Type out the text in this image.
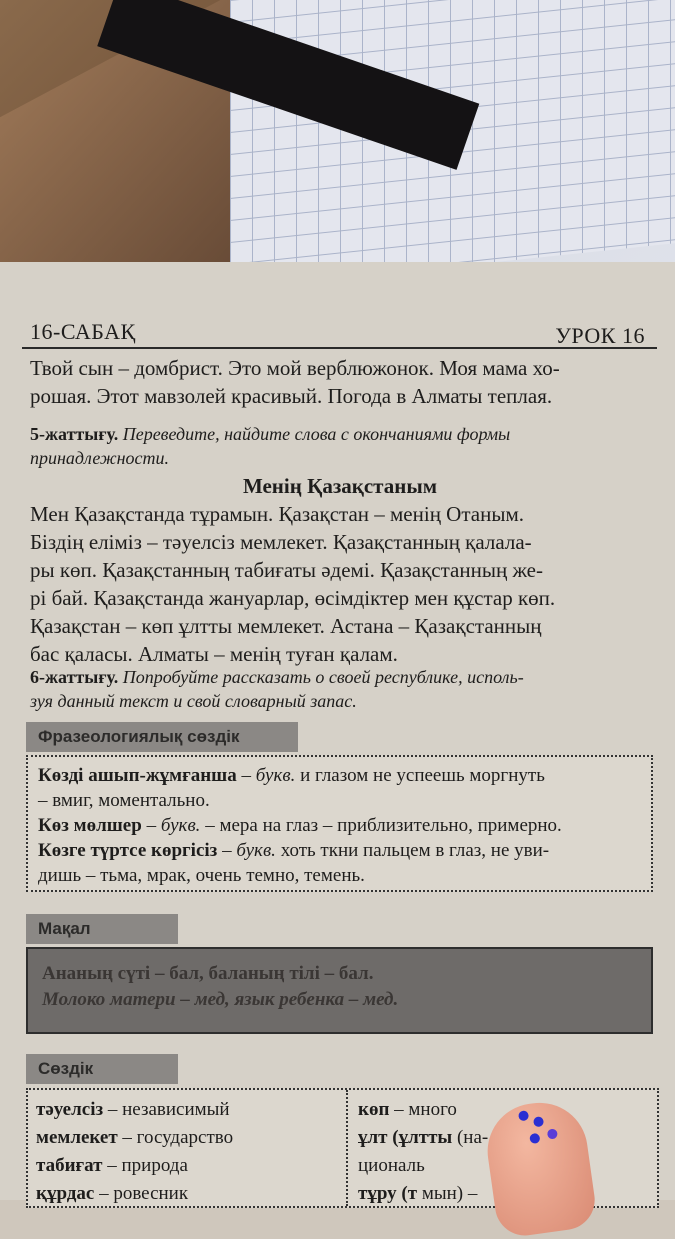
16-САБАҚ	УРОК 16
Твой сын – домбрист. Это мой верблюжонок. Моя мама хо-
рошая. Этот мавзолей красивый. Погода в Алматы теплая.
5-жаттығу. Переведите, найдите слова с окончаниями формы
принадлежности.
Менің Қазақстаным
Мен Қазақстанда тұрамын. Қазақстан – менің Отаным.
Біздің еліміз – тәуелсіз мемлекет. Қазақстанның қалала-
ры көп. Қазақстанның табиғаты әдемі. Қазақстанның же-
рі бай. Қазақстанда жануарлар, өсімдіктер мен құстар көп.
Қазақстан – көп ұлтты мемлекет. Астана – Қазақстанның
бас қаласы. Алматы – менің туған қалам.
6-жаттығу. Попробуйте рассказать о своей республике, исполь-
зуя данный текст и свой словарный запас.
Фразеологиялық сөздік
Көзді ашып-жұмғанша – букв. и глазом не успеешь моргнуть
– вмиг, моментально.
Көз мөлшер – букв. – мера на глаз – приблизительно, примерно.
Көзге түртсе көргісіз – букв. хоть ткни пальцем в глаз, не уви-
дишь – тьма, мрак, очень темно, темень.
Мақал
Ананың сүті – бал, баланың тілі – бал.
Молоко матери – мед, язык ребенка – мед.
Сөздік
тәуелсіз – независимый
мемлекет – государство
табиғат – природа
құрдас – ровесник
көп – много
ұлт (ұлтты (на-
циональ
тұру (т мын) –
